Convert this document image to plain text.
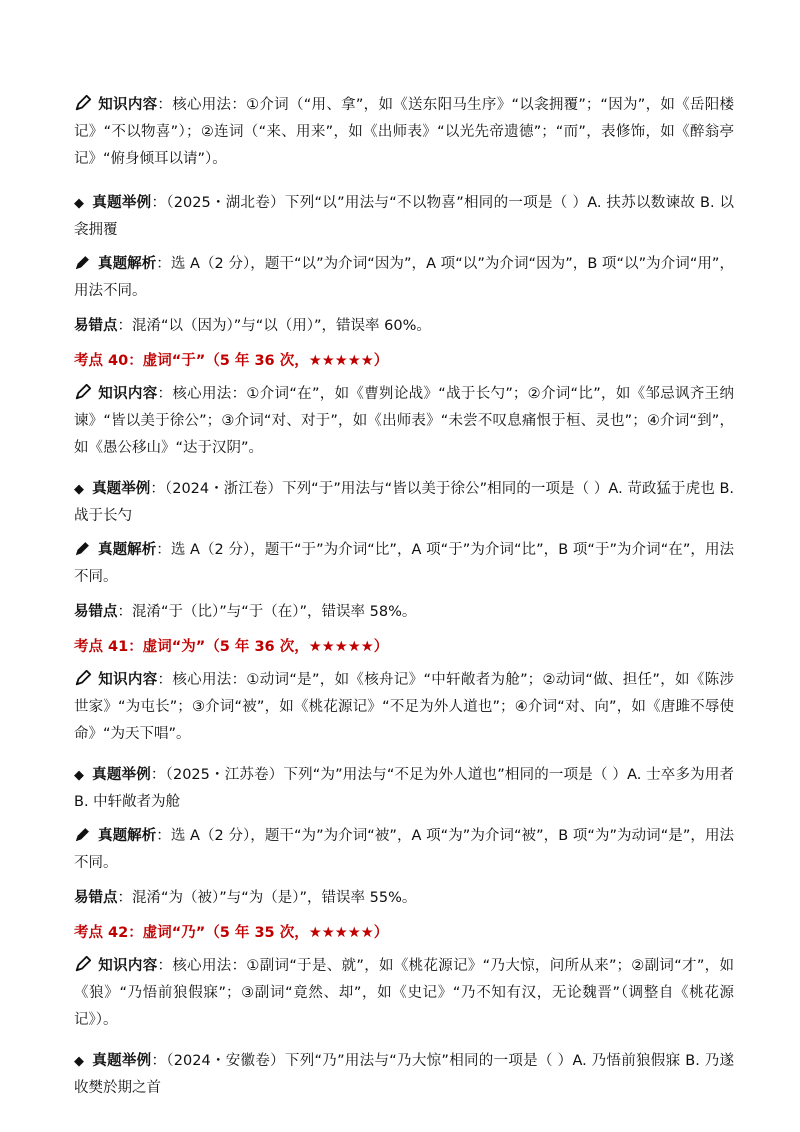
知识内容：核心用法：①介词（“用、拿”，如《送东阳马生序》“以衾拥覆”；“因为”，如《岳阳楼记》“不以物喜”）；②连词（“来、用来”，如《出师表》“以光先帝遗德”；“而”，表修饰，如《醉翁亭记》“俯身倾耳以请”）。

◆ 真题举例：（2025・湖北卷）下列“以”用法与“不以物喜”相同的一项是（ ）A. 扶苏以数谏故 B. 以衾拥覆

真题解析：选 A（2 分），题干“以”为介词“因为”，A 项“以”为介词“因为”，B 项“以”为介词“用”，用法不同。

易错点：混淆“以（因为）”与“以（用）”，错误率 60%。

考点 40：虚词“于”（5 年 36 次，★★★★★）

知识内容：核心用法：①介词“在”，如《曹刿论战》“战于长勺”；②介词“比”，如《邹忌讽齐王纳谏》“皆以美于徐公”；③介词“对、对于”，如《出师表》“未尝不叹息痛恨于桓、灵也”；④介词“到”，如《愚公移山》“达于汉阴”。

◆ 真题举例：（2024・浙江卷）下列“于”用法与“皆以美于徐公”相同的一项是（ ）A. 苛政猛于虎也 B. 战于长勺

真题解析：选 A（2 分），题干“于”为介词“比”，A 项“于”为介词“比”，B 项“于”为介词“在”，用法不同。

易错点：混淆“于（比）”与“于（在）”，错误率 58%。

考点 41：虚词“为”（5 年 36 次，★★★★★）

知识内容：核心用法：①动词“是”，如《核舟记》“中轩敞者为舱”；②动词“做、担任”，如《陈涉世家》“为屯长”；③介词“被”，如《桃花源记》“不足为外人道也”；④介词“对、向”，如《唐雎不辱使命》“为天下唱”。

◆ 真题举例：（2025・江苏卷）下列“为”用法与“不足为外人道也”相同的一项是（ ）A. 士卒多为用者 B. 中轩敞者为舱

真题解析：选 A（2 分），题干“为”为介词“被”，A 项“为”为介词“被”，B 项“为”为动词“是”，用法不同。

易错点：混淆“为（被）”与“为（是）”，错误率 55%。

考点 42：虚词“乃”（5 年 35 次，★★★★★）

知识内容：核心用法：①副词“于是、就”，如《桃花源记》“乃大惊，问所从来”；②副词“才”，如《狼》“乃悟前狼假寐”；③副词“竟然、却”，如《史记》“乃不知有汉，无论魏晋”（调整自《桃花源记》）。

◆ 真题举例：（2024・安徽卷）下列“乃”用法与“乃大惊”相同的一项是（ ）A. 乃悟前狼假寐 B. 乃遂收樊於期之首
